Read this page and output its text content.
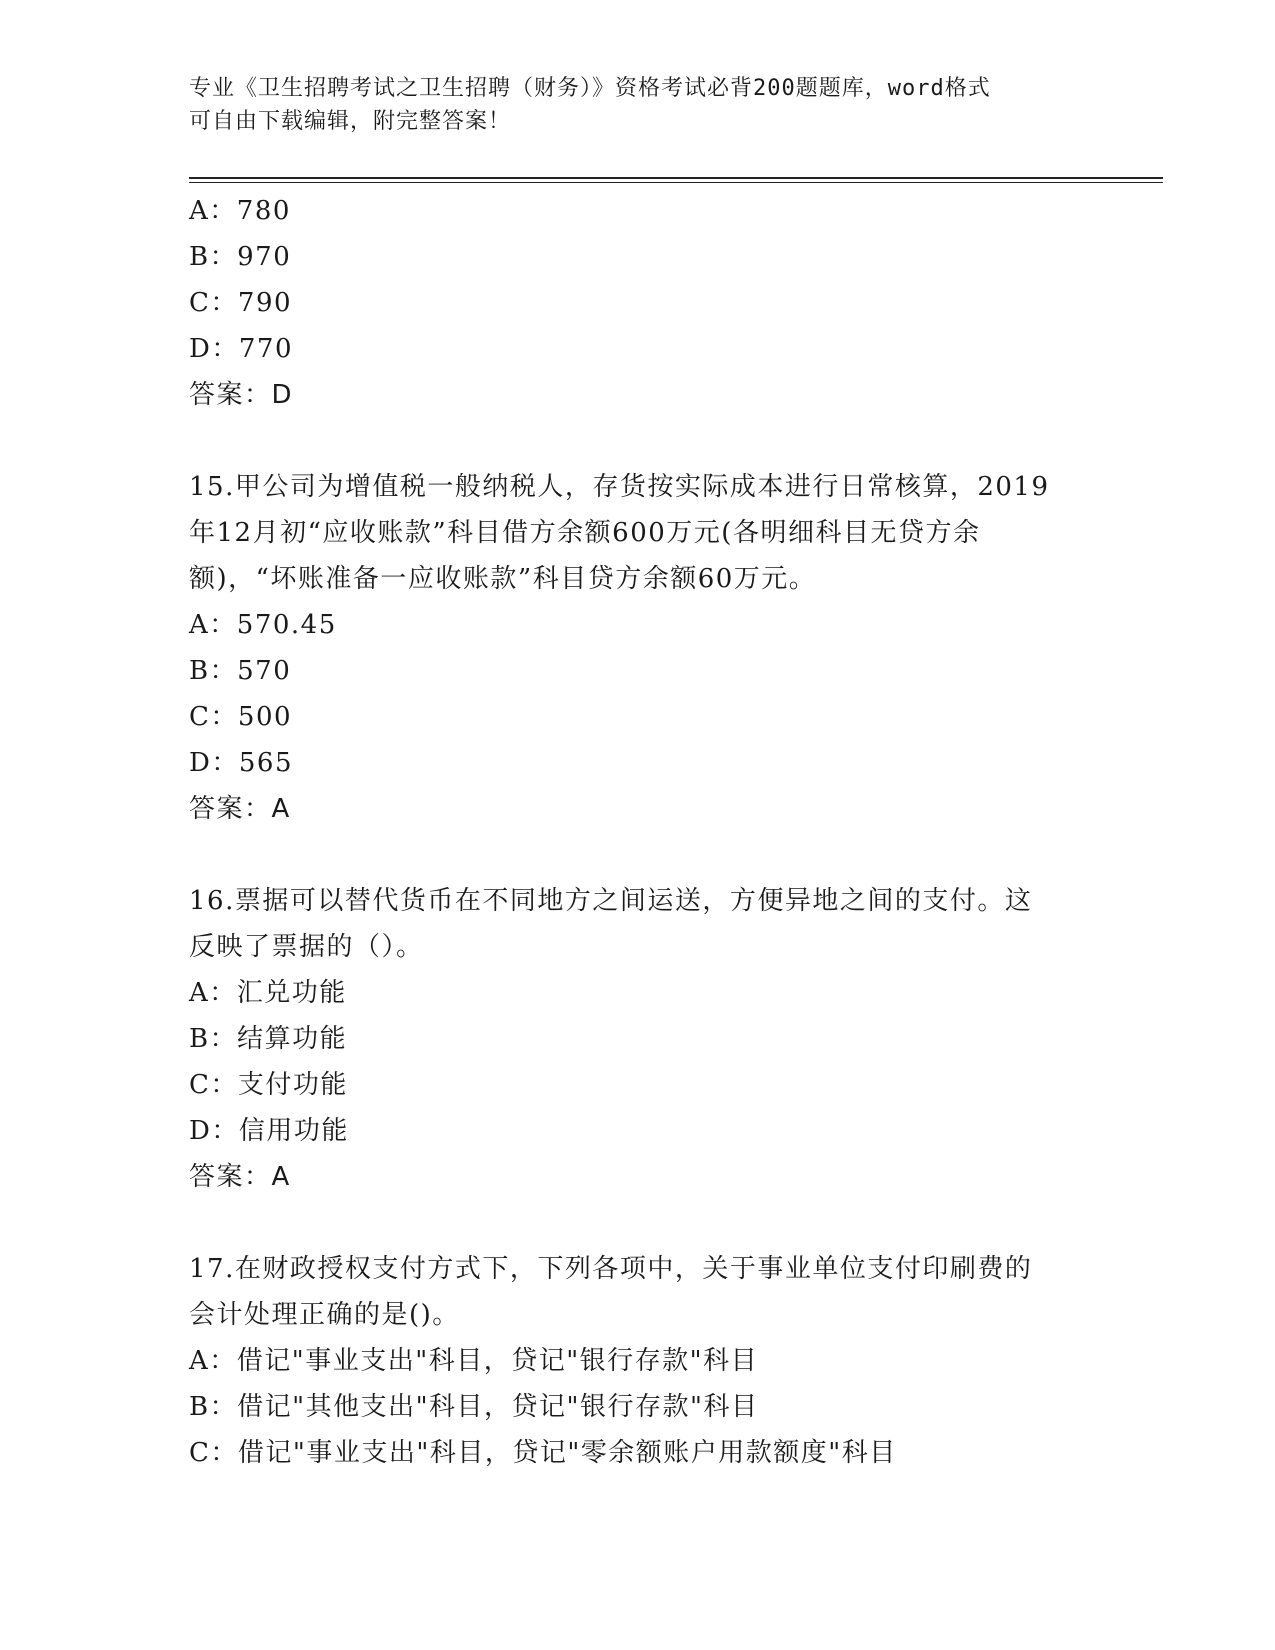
专业《卫生招聘考试之卫生招聘（财务）》资格考试必背200题题库，word格式
可自由下载编辑，附完整答案！
A：780
B：970
C：790
D：770
答案：D
15.甲公司为增值税一般纳税人，存货按实际成本进行日常核算，2019
年12月初“应收账款”科目借方余额600万元(各明细科目无贷方余
额)，“坏账准备一应收账款”科目贷方余额60万元。
A：570.45
B：570
C：500
D：565
答案：A
16.票据可以替代货币在不同地方之间运送，方便异地之间的支付。这
反映了票据的（）。
A：汇兑功能
B：结算功能
C：支付功能
D：信用功能
答案：A
17.在财政授权支付方式下，下列各项中，关于事业单位支付印刷费的
会计处理正确的是()。
A：借记"事业支出"科目，贷记"银行存款"科目
B：借记"其他支出"科目，贷记"银行存款"科目
C：借记"事业支出"科目，贷记"零余额账户用款额度"科目
